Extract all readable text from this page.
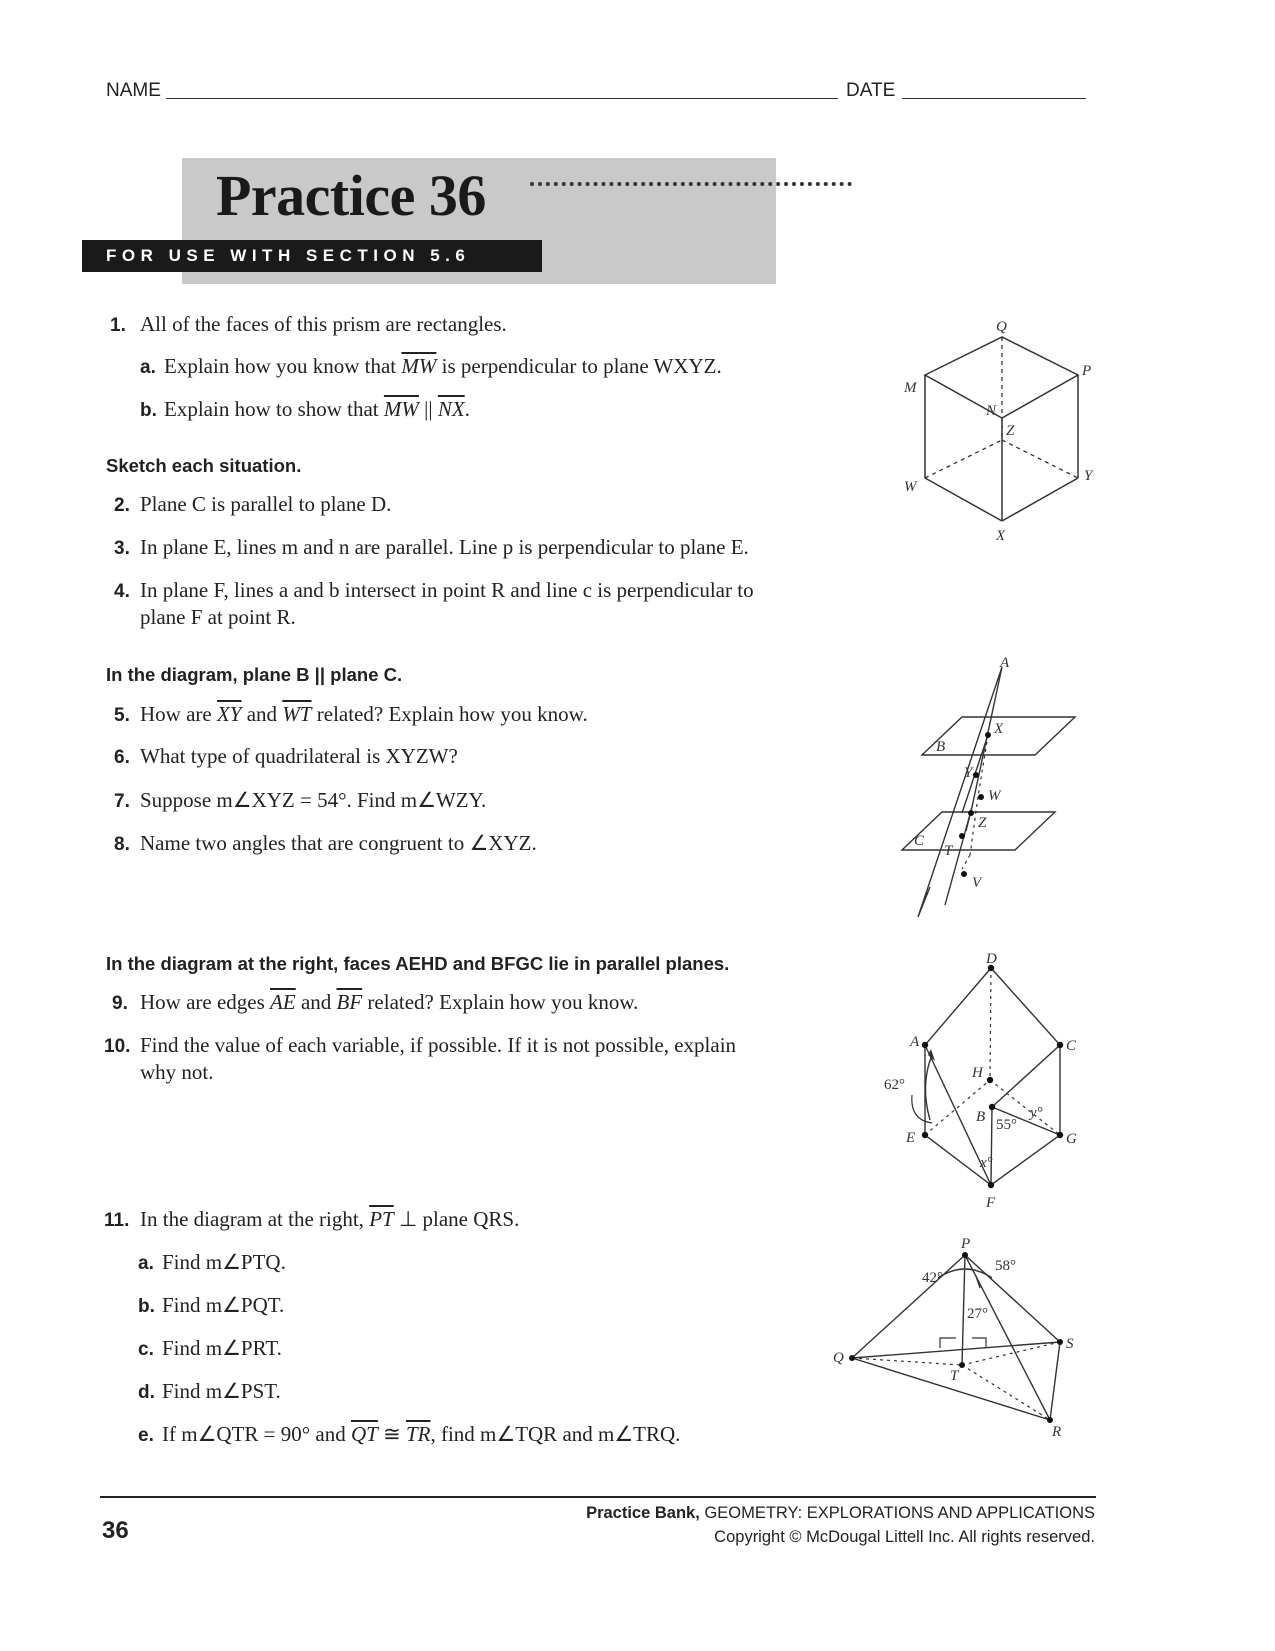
NAME	DATE
Practice 36
FOR USE WITH SECTION 5.6
1. All of the faces of this prism are rectangles.
a. Explain how you know that $\overline{MW}$ is perpendicular to plane WXYZ.
b. Explain how to show that $\overline{MW}$ || $\overline{NX}$.
Sketch each situation.
2. Plane C is parallel to plane D.
3. In plane E, lines m and n are parallel. Line p is perpendicular to plane E.
4. In plane F, lines a and b intersect in point R and line c is perpendicular to
plane F at point R.
In the diagram, plane B || plane C.
5. How are $\overline{XY}$ and $\overline{WT}$ related? Explain how you know.
6. What type of quadrilateral is XYZW?
7. Suppose m∠XYZ = 54°. Find m∠WZY.
8. Name two angles that are congruent to ∠XYZ.
In the diagram at the right, faces AEHD and BFGC lie in parallel planes.
9. How are edges $\overline{AE}$ and $\overline{BF}$ related? Explain how you know.
10. Find the value of each variable, if possible. If it is not possible, explain
why not.
11. In the diagram at the right, $\overline{PT}$ ⊥ plane QRS.
a. Find m∠PTQ.
b. Find m∠PQT.
c. Find m∠PRT.
d. Find m∠PST.
e. If m∠QTR = 90° and $\overline{QT}$ ≅ $\overline{TR}$, find m∠TQR and m∠TRQ.
Q
P
M
N
Z
W
Y
X
A
X
B
Y
W
Z
C
T
V
D
A	C
H
62°
B 55°
y°
E	G
x°
F
P
42°
58°
27°
S
Q
T
R
36
Practice Bank, GEOMETRY: EXPLORATIONS AND APPLICATIONS
Copyright © McDougal Littell Inc. All rights reserved.
